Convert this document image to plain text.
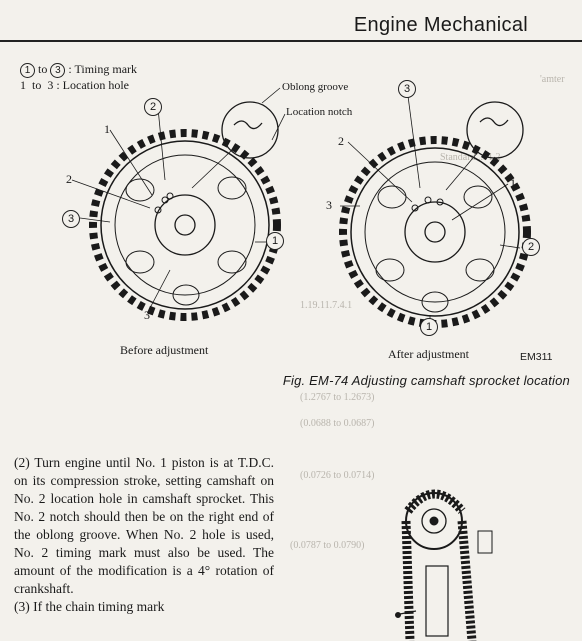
Engine Mechanical
'amter
Standard ... 1.2
1.19.11.7.4.1
(1.2767 to 1.2673)
(0.0688 to 0.0687)
(0.0726 to 0.0714)
(0.0787 to 0.0790)
1 to 3 : Timing mark
1  to  3 : Location hole	Oblong groove
Location notch
2
1
2
3
1
3
3
2
3
1
2
1
Before adjustment	After adjustment	EM311
Fig. EM-74 Adjusting camshaft sprocket location
(2) Turn engine until No. 1 piston is at T.D.C. on its compression stroke, setting camshaft on No. 2 location hole in camshaft sprocket. This No. 2 notch should then be on the right end of the oblong groove. When No. 2 hole is used, No. 2 timing mark must also be used. The amount of the modification is a 4° rotation of crankshaft.
(3) If the chain timing mark
